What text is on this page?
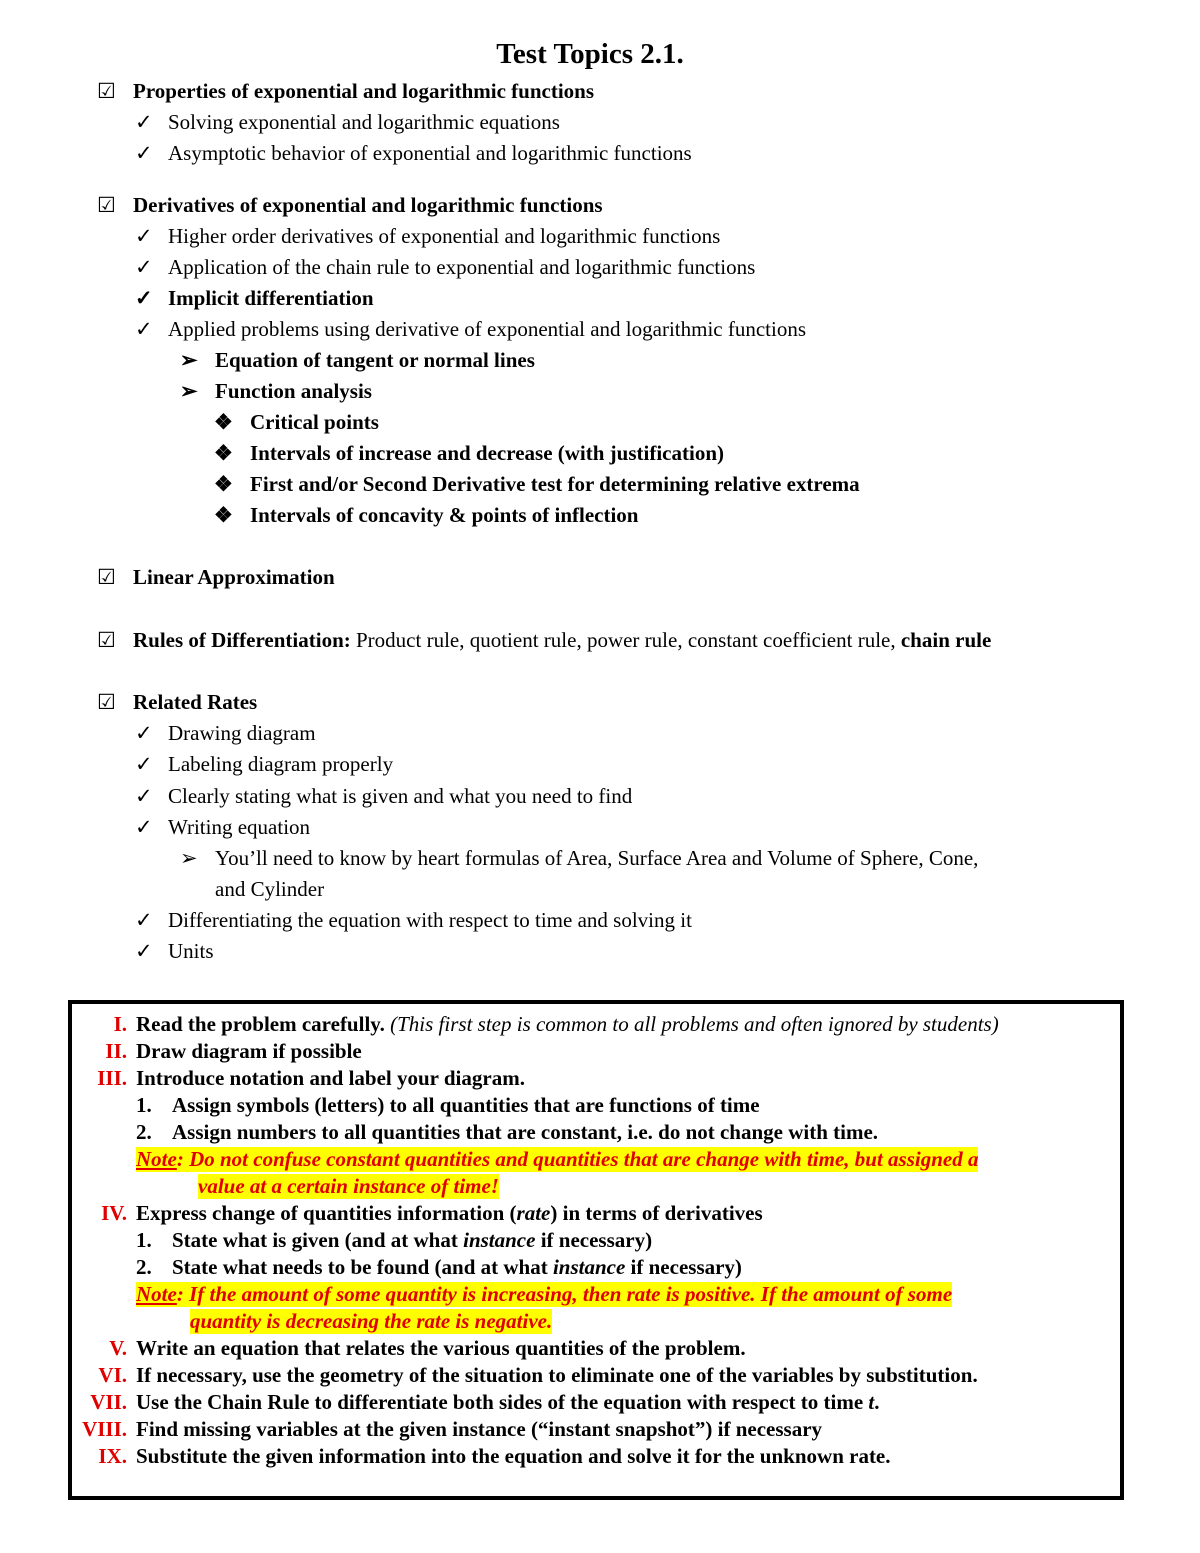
Test Topics 2.1.
☑ Properties of exponential and logarithmic functions
✓ Solving exponential and logarithmic equations
✓ Asymptotic behavior of exponential and logarithmic functions
☑ Derivatives of exponential and logarithmic functions
✓ Higher order derivatives of exponential and logarithmic functions
✓ Application of the chain rule to exponential and logarithmic functions
✓ Implicit differentiation
✓ Applied problems using derivative of exponential and logarithmic functions
➢ Equation of tangent or normal lines
➢ Function analysis
❖ Critical points
❖ Intervals of increase and decrease (with justification)
❖ First and/or Second Derivative test for determining relative extrema
❖ Intervals of concavity & points of inflection
☑ Linear Approximation
☑ Rules of Differentiation: Product rule, quotient rule, power rule, constant coefficient rule, chain rule
☑ Related Rates
✓ Drawing diagram
✓ Labeling diagram properly
✓ Clearly stating what is given and what you need to find
✓ Writing equation
➢ You’ll need to know by heart formulas of Area, Surface Area and Volume of Sphere, Cone,
and Cylinder
✓ Differentiating the equation with respect to time and solving it
✓ Units
I. Read the problem carefully. (This first step is common to all problems and often ignored by students)
II. Draw diagram if possible
III. Introduce notation and label your diagram.
1. Assign symbols (letters) to all quantities that are functions of time
2. Assign numbers to all quantities that are constant, i.e. do not change with time.
Note: Do not confuse constant quantities and quantities that are change with time, but assigned a
value at a certain instance of time!
IV. Express change of quantities information (rate) in terms of derivatives
1. State what is given (and at what instance if necessary)
2. State what needs to be found (and at what instance if necessary)
Note: If the amount of some quantity is increasing, then rate is positive. If the amount of some
quantity is decreasing the rate is negative.
V. Write an equation that relates the various quantities of the problem.
VI. If necessary, use the geometry of the situation to eliminate one of the variables by substitution.
VII. Use the Chain Rule to differentiate both sides of the equation with respect to time t.
VIII. Find missing variables at the given instance (“instant snapshot”) if necessary
IX. Substitute the given information into the equation and solve it for the unknown rate.
